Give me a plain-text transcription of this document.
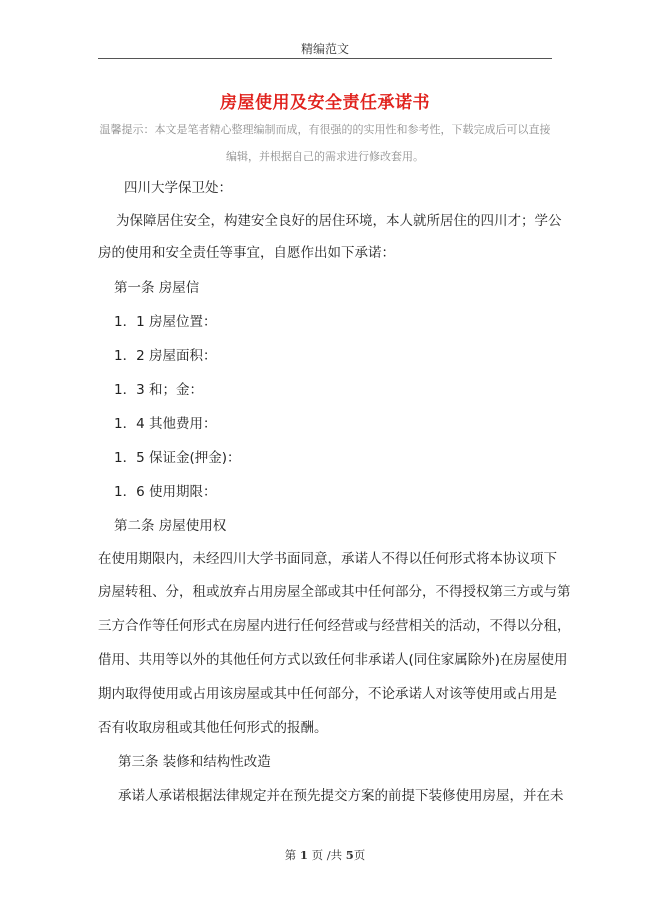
精编范文
房屋使用及安全责任承诺书
温馨提示：本文是笔者精心整理编制而成，有很强的的实用性和参考性，下载完成后可以直接
编辑，并根据自己的需求进行修改套用。
四川大学保卫处：
为保障居住安全，构建安全良好的居住环境，本人就所居住的四川才；学公
房的使用和安全责任等事宜，自愿作出如下承诺：
第一条 房屋信
1．1 房屋位置：
1．2 房屋面积：
1．3 和；金：
1．4 其他费用：
1．5 保证金(押金)：
1．6 使用期限：
第二条 房屋使用权
在使用期限内，未经四川大学书面同意，承诺人不得以任何形式将本协议项下
房屋转租、分，租或放弃占用房屋全部或其中任何部分，不得授权第三方或与第
三方合作等任何形式在房屋内进行任何经营或与经营相关的活动，不得以分租，
借用、共用等以外的其他任何方式以致任何非承诺人(同住家属除外)在房屋使用
期内取得使用或占用该房屋或其中任何部分，不论承诺人对该等使用或占用是
否有收取房租或其他任何形式的报酬。
第三条 装修和结构性改造
承诺人承诺根据法律规定并在预先提交方案的前提下装修使用房屋，并在未
第 1 页 /共 5页
